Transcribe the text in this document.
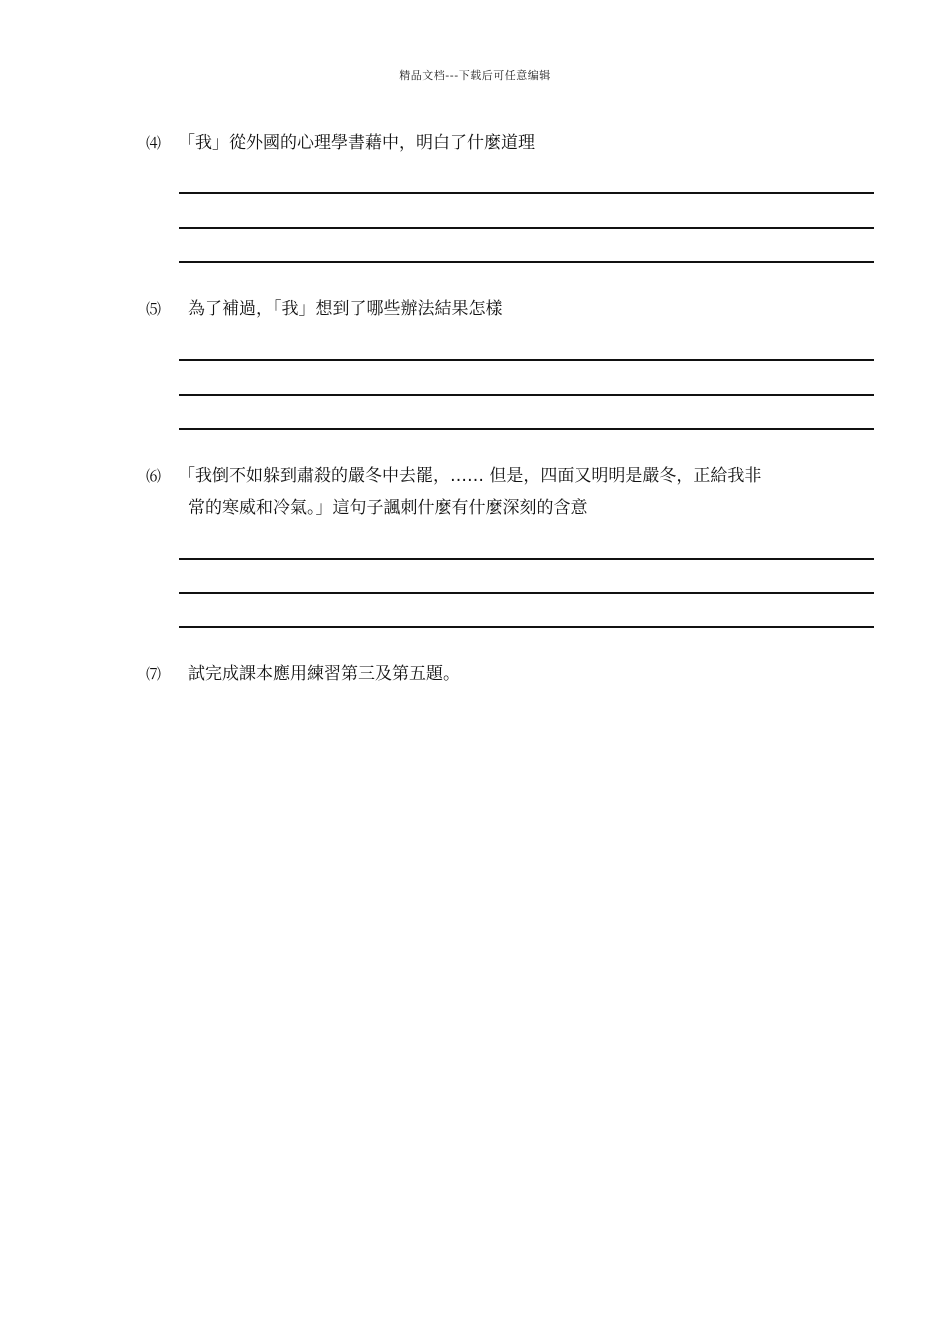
精品文档---下载后可任意编辑
⑷ 「我」從外國的心理學書藉中，明白了什麼道理
⑸ 為了補過，「我」想到了哪些辦法結果怎樣
⑹ 「我倒不如躲到肅殺的嚴冬中去罷，…… 但是，四面又明明是嚴冬，正給我非
常的寒威和冷氣。」這句子諷刺什麼有什麼深刻的含意
⑺ 試完成課本應用練習第三及第五題。
